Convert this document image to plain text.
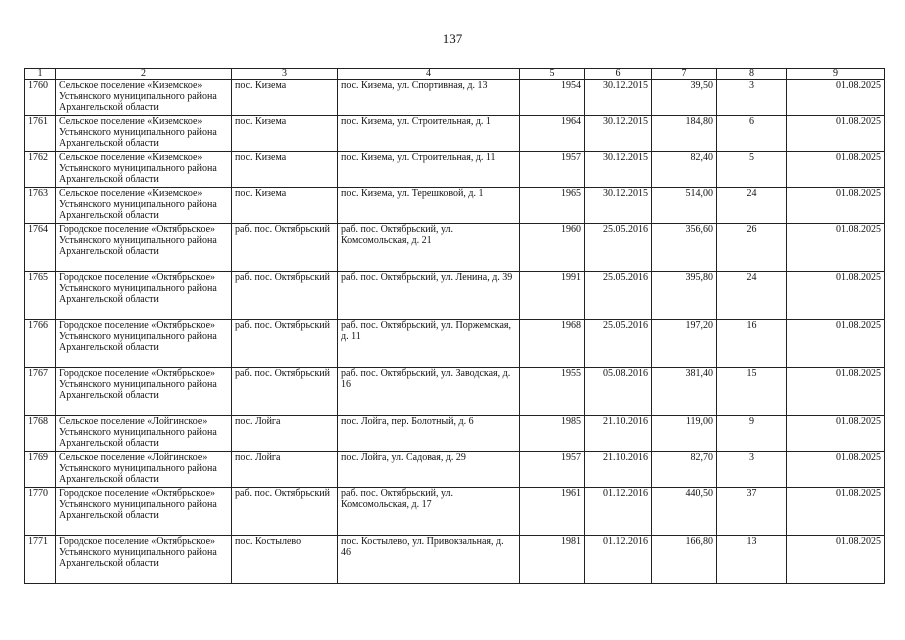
137
1	2	3	4	5	6	7	8	9
1760	Сельское поселение «Киземское» Устьянского муниципального района Архангельской области	пос. Кизема	пос. Кизема, ул. Спортивная, д. 13	1954	30.12.2015	39,50	3	01.08.2025
1761	Сельское поселение «Киземское» Устьянского муниципального района Архангельской области	пос. Кизема	пос. Кизема, ул. Строительная, д. 1	1964	30.12.2015	184,80	6	01.08.2025
1762	Сельское поселение «Киземское» Устьянского муниципального района Архангельской области	пос. Кизема	пос. Кизема, ул. Строительная, д. 11	1957	30.12.2015	82,40	5	01.08.2025
1763	Сельское поселение «Киземское» Устьянского муниципального района Архангельской области	пос. Кизема	пос. Кизема, ул. Терешковой, д. 1	1965	30.12.2015	514,00	24	01.08.2025
1764	Городское поселение «Октябрьское» Устьянского муниципального района Архангельской области	раб. пос. Октябрьский	раб. пос. Октябрьский, ул. Комсомольская, д. 21	1960	25.05.2016	356,60	26	01.08.2025
1765	Городское поселение «Октябрьское» Устьянского муниципального района Архангельской области	раб. пос. Октябрьский	раб. пос. Октябрьский, ул. Ленина, д. 39	1991	25.05.2016	395,80	24	01.08.2025
1766	Городское поселение «Октябрьское» Устьянского муниципального района Архангельской области	раб. пос. Октябрьский	раб. пос. Октябрьский, ул. Поржемская, д. 11	1968	25.05.2016	197,20	16	01.08.2025
1767	Городское поселение «Октябрьское» Устьянского муниципального района Архангельской области	раб. пос. Октябрьский	раб. пос. Октябрьский, ул. Заводская, д. 16	1955	05.08.2016	381,40	15	01.08.2025
1768	Сельское поселение «Лойгинское» Устьянского муниципального района Архангельской области	пос. Лойга	пос. Лойга, пер. Болотный, д. 6	1985	21.10.2016	119,00	9	01.08.2025
1769	Сельское поселение «Лойгинское» Устьянского муниципального района Архангельской области	пос. Лойга	пос. Лойга, ул. Садовая, д. 29	1957	21.10.2016	82,70	3	01.08.2025
1770	Городское поселение «Октябрьское» Устьянского муниципального района Архангельской области	раб. пос. Октябрьский	раб. пос. Октябрьский, ул. Комсомольская, д. 17	1961	01.12.2016	440,50	37	01.08.2025
1771	Городское поселение «Октябрьское» Устьянского муниципального района Архангельской области	пос. Костылево	пос. Костылево, ул. Привокзальная, д. 46	1981	01.12.2016	166,80	13	01.08.2025
